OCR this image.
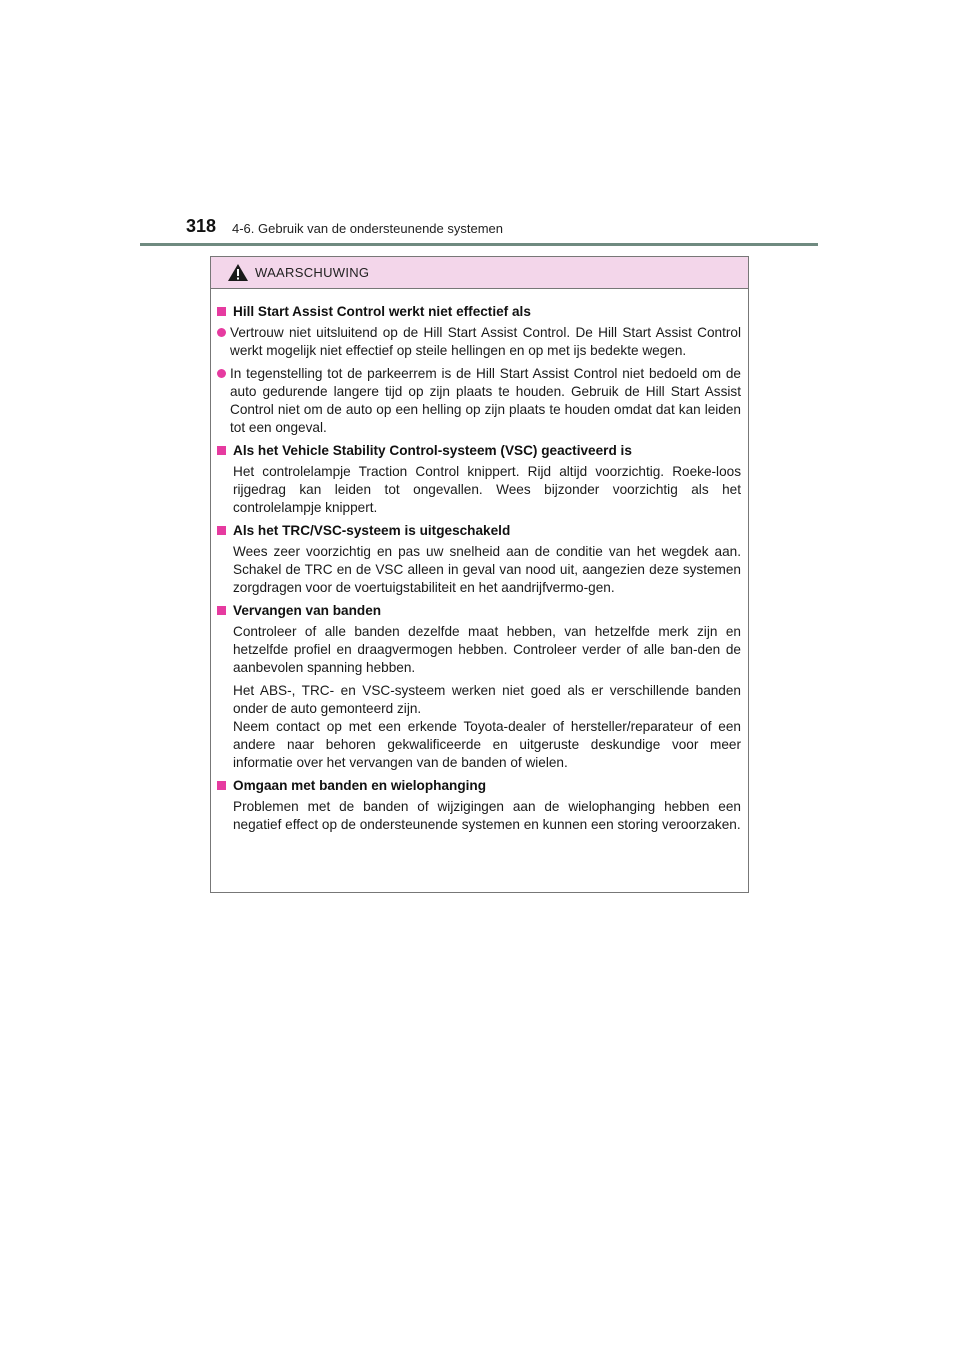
318 4-6. Gebruik van de ondersteunende systemen
WAARSCHUWING
Hill Start Assist Control werkt niet effectief als
Vertrouw niet uitsluitend op de Hill Start Assist Control. De Hill Start Assist Control werkt mogelijk niet effectief op steile hellingen en op met ijs bedekte wegen.
In tegenstelling tot de parkeerrem is de Hill Start Assist Control niet bedoeld om de auto gedurende langere tijd op zijn plaats te houden. Gebruik de Hill Start Assist Control niet om de auto op een helling op zijn plaats te houden omdat dat kan leiden tot een ongeval.
Als het Vehicle Stability Control-systeem (VSC) geactiveerd is
Het controlelampje Traction Control knippert. Rijd altijd voorzichtig. Roeke-loos rijgedrag kan leiden tot ongevallen. Wees bijzonder voorzichtig als het controlelampje knippert.
Als het TRC/VSC-systeem is uitgeschakeld
Wees zeer voorzichtig en pas uw snelheid aan de conditie van het wegdek aan. Schakel de TRC en de VSC alleen in geval van nood uit, aangezien deze systemen zorgdragen voor de voertuigstabiliteit en het aandrijfvermo-gen.
Vervangen van banden
Controleer of alle banden dezelfde maat hebben, van hetzelfde merk zijn en hetzelfde profiel en draagvermogen hebben. Controleer verder of alle ban-den de aanbevolen spanning hebben.
Het ABS-, TRC- en VSC-systeem werken niet goed als er verschillende banden onder de auto gemonteerd zijn.
Neem contact op met een erkende Toyota-dealer of hersteller/reparateur of een andere naar behoren gekwalificeerde en uitgeruste deskundige voor meer informatie over het vervangen van de banden of wielen.
Omgaan met banden en wielophanging
Problemen met de banden of wijzigingen aan de wielophanging hebben een negatief effect op de ondersteunende systemen en kunnen een storing veroorzaken.
